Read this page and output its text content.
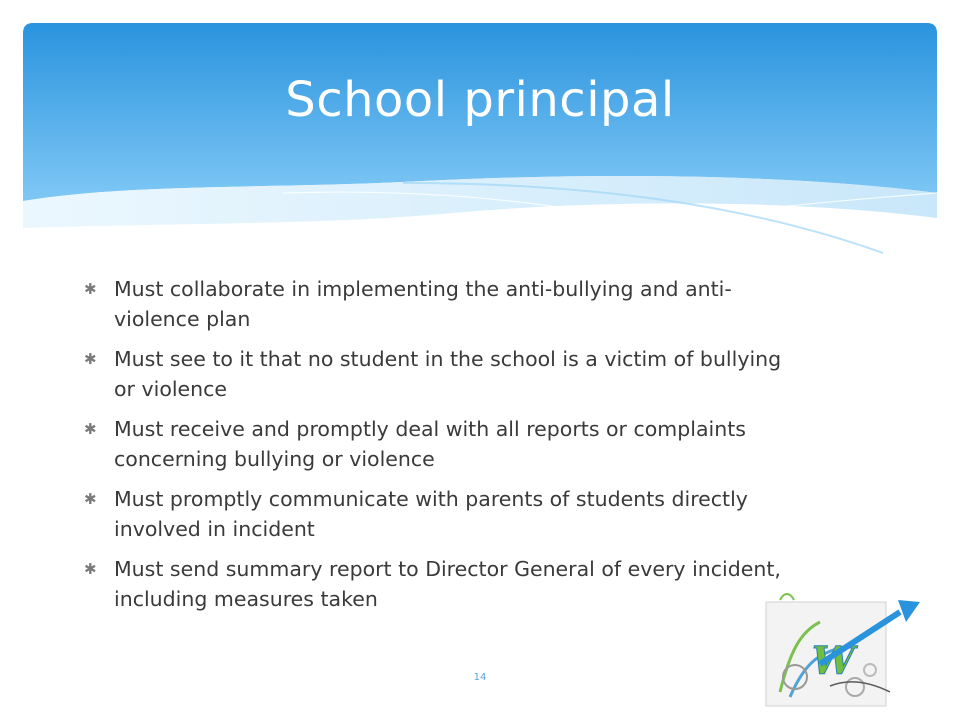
School principal
✱ Must collaborate in implementing the anti-bullying and anti-violence plan
✱ Must see to it that no student in the school is a victim of bullying or violence
✱ Must receive and promptly deal with all reports or complaints concerning bullying or violence
✱ Must promptly communicate with parents of students directly involved in incident
✱ Must send summary report to Director General of every incident, including measures taken
W
14
